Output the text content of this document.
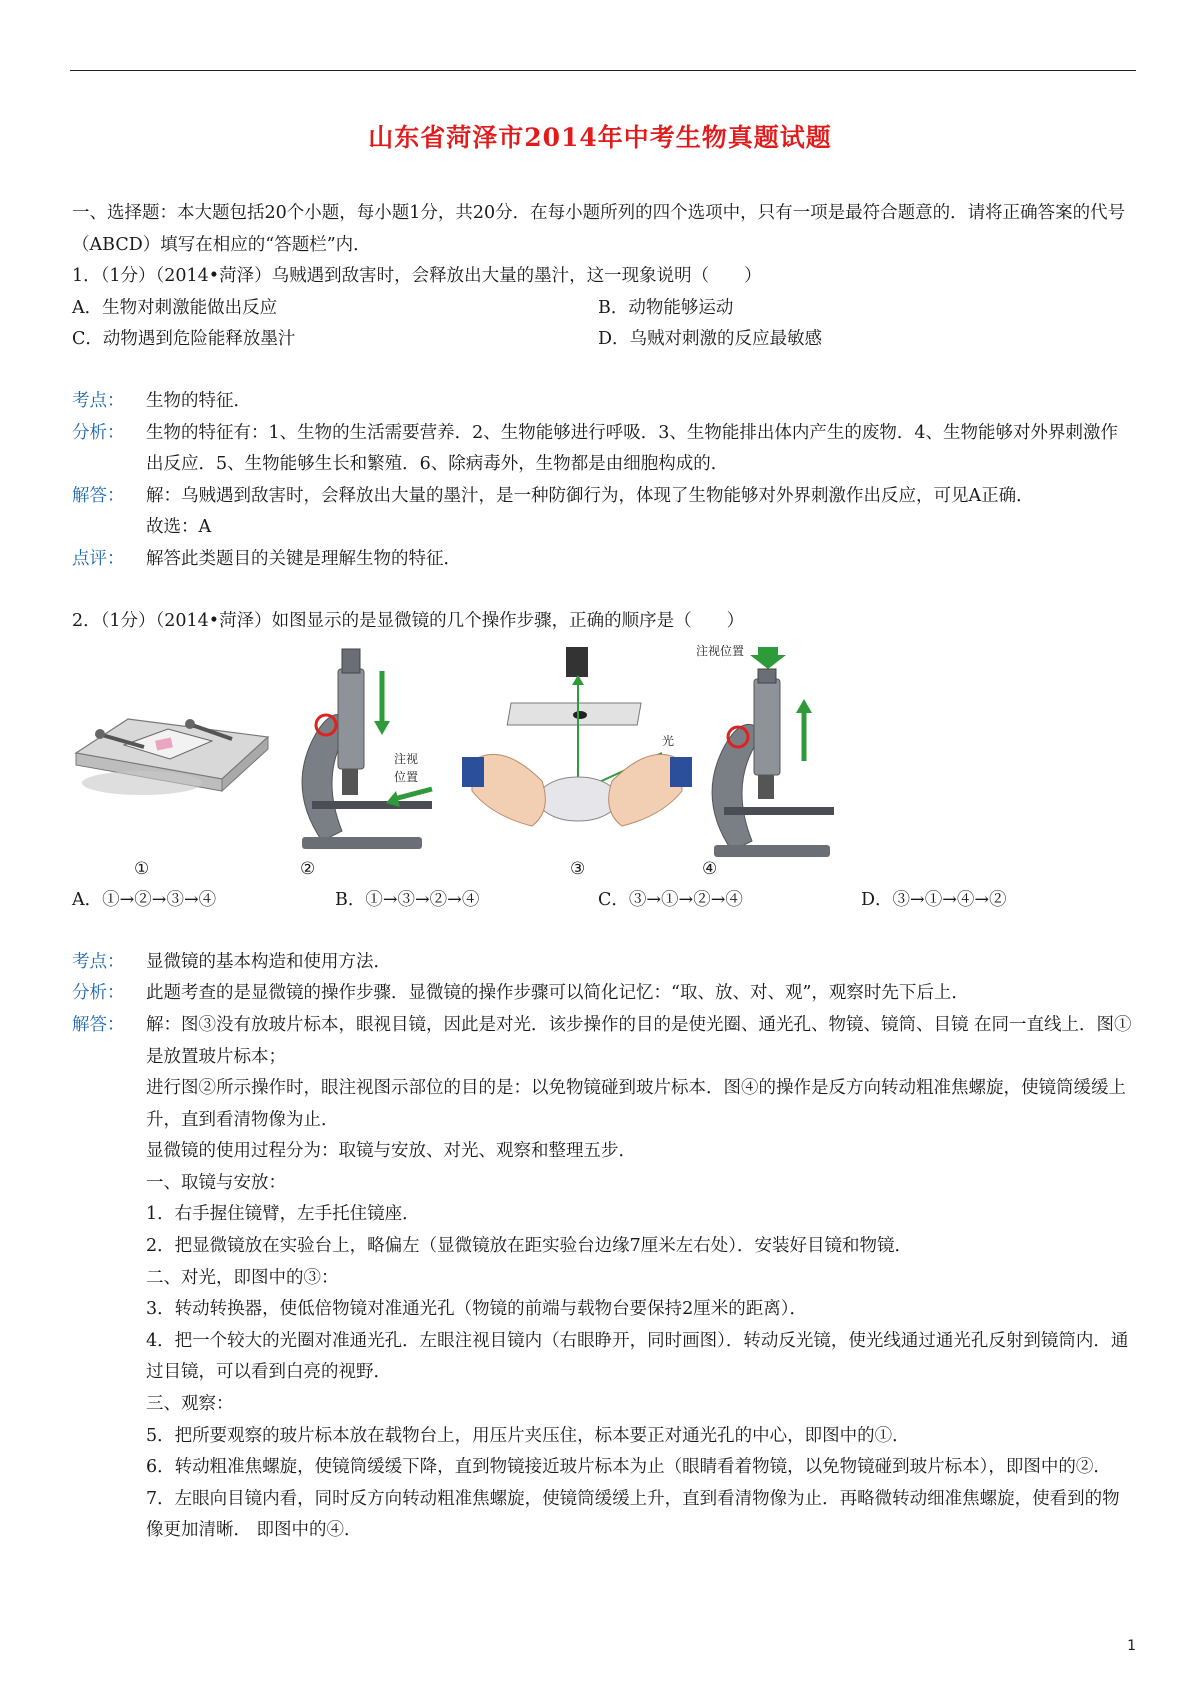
山东省菏泽市2014年中考生物真题试题
一、选择题：本大题包括20个小题，每小题1分，共20分．在每小题所列的四个选项中，只有一项是最符合题意的．请将正确答案的代号（ABCD）填写在相应的“答题栏”内．
1．（1分）（2014•菏泽）乌贼遇到敌害时，会释放出大量的墨汁，这一现象说明（　　）
A．生物对刺激能做出反应	B．动物能够运动
C．动物遇到危险能释放墨汁	D．乌贼对刺激的反应最敏感
考点：	生物的特征．
分析：	生物的特征有：1、生物的生活需要营养．2、生物能够进行呼吸．3、生物能排出体内产生的废物．4、生物能够对外界刺激作出反应．5、生物能够生长和繁殖．6、除病毒外，生物都是由细胞构成的．
解答：	解：乌贼遇到敌害时，会释放出大量的墨汁，是一种防御行为，体现了生物能够对外界刺激作出反应，可见A正确．
故选：A
点评：	解答此类题目的关键是理解生物的特征．
2．（1分）（2014•菏泽）如图显示的是显微镜的几个操作步骤，正确的顺序是（　　）
①
注视
位置
②
光
③
注视位置
④
A．①→②→③→④	B．①→③→②→④	C．③→①→②→④	D．③→①→④→②
考点：	显微镜的基本构造和使用方法．
分析：	此题考查的是显微镜的操作步骤．显微镜的操作步骤可以简化记忆：“取、放、对、观”，观察时先下后上．
解答：	解：图③没有放玻片标本，眼视目镜，因此是对光．该步操作的目的是使光圈、通光孔、物镜、镜筒、目镜 在同一直线上．图①是放置玻片标本；
进行图②所示操作时，眼注视图示部位的目的是：以免物镜碰到玻片标本．图④的操作是反方向转动粗准焦螺旋，使镜筒缓缓上升，直到看清物像为止．
显微镜的使用过程分为：取镜与安放、对光、观察和整理五步．
一、取镜与安放：
1．右手握住镜臂，左手托住镜座．
2．把显微镜放在实验台上，略偏左（显微镜放在距实验台边缘7厘米左右处）．安装好目镜和物镜．
二、对光，即图中的③：
3．转动转换器，使低倍物镜对准通光孔（物镜的前端与载物台要保持2厘米的距离）．
4．把一个较大的光圈对准通光孔．左眼注视目镜内（右眼睁开，同时画图）．转动反光镜，使光线通过通光孔反射到镜筒内．通过目镜，可以看到白亮的视野．
三、观察：
5．把所要观察的玻片标本放在载物台上，用压片夹压住，标本要正对通光孔的中心，即图中的①．
6．转动粗准焦螺旋，使镜筒缓缓下降，直到物镜接近玻片标本为止（眼睛看着物镜，以免物镜碰到玻片标本），即图中的②．
7．左眼向目镜内看，同时反方向转动粗准焦螺旋，使镜筒缓缓上升，直到看清物像为止．再略微转动细准焦螺旋，使看到的物像更加清晰． 即图中的④．
1
